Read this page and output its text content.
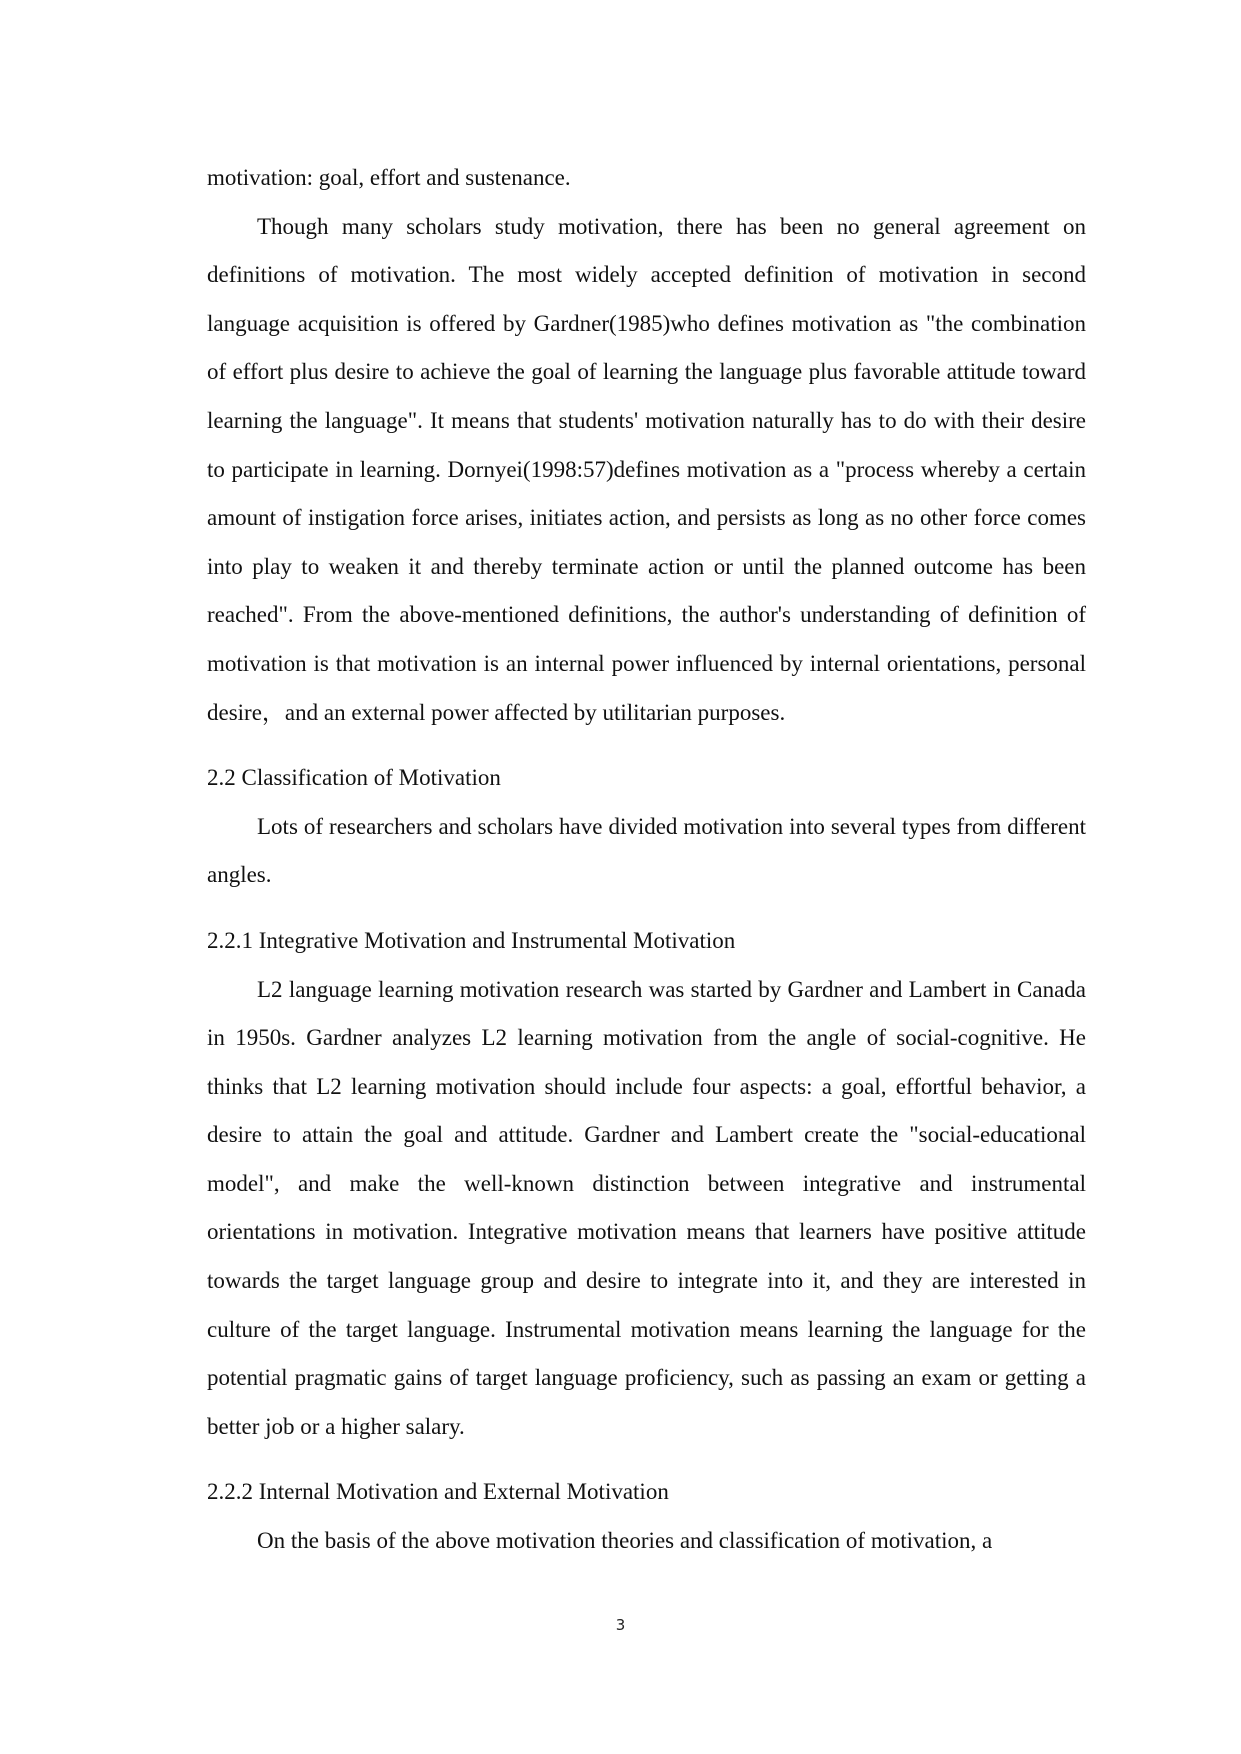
motivation: goal, effort and sustenance.

Though many scholars study motivation, there has been no general agreement on definitions of motivation. The most widely accepted definition of motivation in second language acquisition is offered by Gardner(1985)who defines motivation as "the combination of effort plus desire to achieve the goal of learning the language plus favorable attitude toward learning the language". It means that students' motivation naturally has to do with their desire to participate in learning. Dornyei(1998:57)defines motivation as a "process whereby a certain amount of instigation force arises, initiates action, and persists as long as no other force comes into play to weaken it and thereby terminate action or until the planned outcome has been reached". From the above-mentioned definitions, the author's understanding of definition of motivation is that motivation is an internal power influenced by internal orientations, personal desire，and an external power affected by utilitarian purposes.

2.2 Classification of Motivation

Lots of researchers and scholars have divided motivation into several types from different angles.

2.2.1 Integrative Motivation and Instrumental Motivation

L2 language learning motivation research was started by Gardner and Lambert in Canada in 1950s. Gardner analyzes L2 learning motivation from the angle of social-cognitive. He thinks that L2 learning motivation should include four aspects: a goal, effortful behavior, a desire to attain the goal and attitude. Gardner and Lambert create the "social-educational model", and make the well-known distinction between integrative and instrumental orientations in motivation. Integrative motivation means that learners have positive attitude towards the target language group and desire to integrate into it, and they are interested in culture of the target language. Instrumental motivation means learning the language for the potential pragmatic gains of target language proficiency, such as passing an exam or getting a better job or a higher salary.

2.2.2 Internal Motivation and External Motivation

On the basis of the above motivation theories and classification of motivation, a

3
